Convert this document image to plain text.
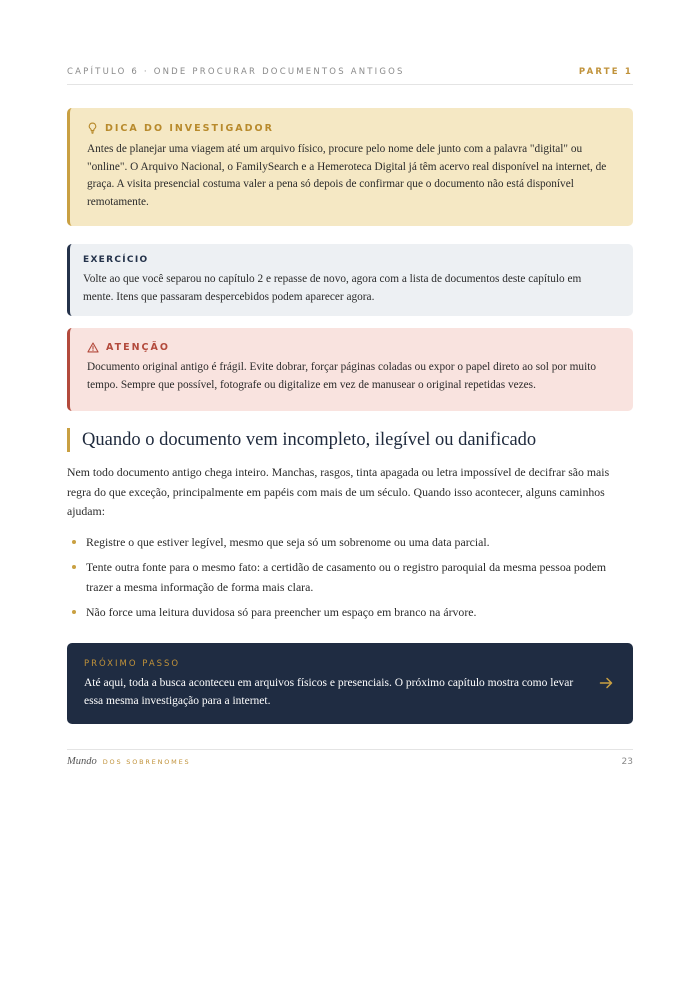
CAPÍTULO 6 · ONDE PROCURAR DOCUMENTOS ANTIGOS	PARTE 1
DICA DO INVESTIGADOR
Antes de planejar uma viagem até um arquivo físico, procure pelo nome dele junto com a palavra "digital" ou "online". O Arquivo Nacional, o FamilySearch e a Hemeroteca Digital já têm acervo real disponível na internet, de graça. A visita presencial costuma valer a pena só depois de confirmar que o documento não está disponível remotamente.
EXERCÍCIO
Volte ao que você separou no capítulo 2 e repasse de novo, agora com a lista de documentos deste capítulo em mente. Itens que passaram despercebidos podem aparecer agora.
ATENÇÃO
Documento original antigo é frágil. Evite dobrar, forçar páginas coladas ou expor o papel direto ao sol por muito tempo. Sempre que possível, fotografe ou digitalize em vez de manusear o original repetidas vezes.
Quando o documento vem incompleto, ilegível ou danificado
Nem todo documento antigo chega inteiro. Manchas, rasgos, tinta apagada ou letra impossível de decifrar são mais regra do que exceção, principalmente em papéis com mais de um século. Quando isso acontecer, alguns caminhos ajudam:
Registre o que estiver legível, mesmo que seja só um sobrenome ou uma data parcial.
Tente outra fonte para o mesmo fato: a certidão de casamento ou o registro paroquial da mesma pessoa podem trazer a mesma informação de forma mais clara.
Não force uma leitura duvidosa só para preencher um espaço em branco na árvore.
PRÓXIMO PASSO
Até aqui, toda a busca aconteceu em arquivos físicos e presenciais. O próximo capítulo mostra como levar essa mesma investigação para a internet.
Mundo DOS SOBRENOMES	23
